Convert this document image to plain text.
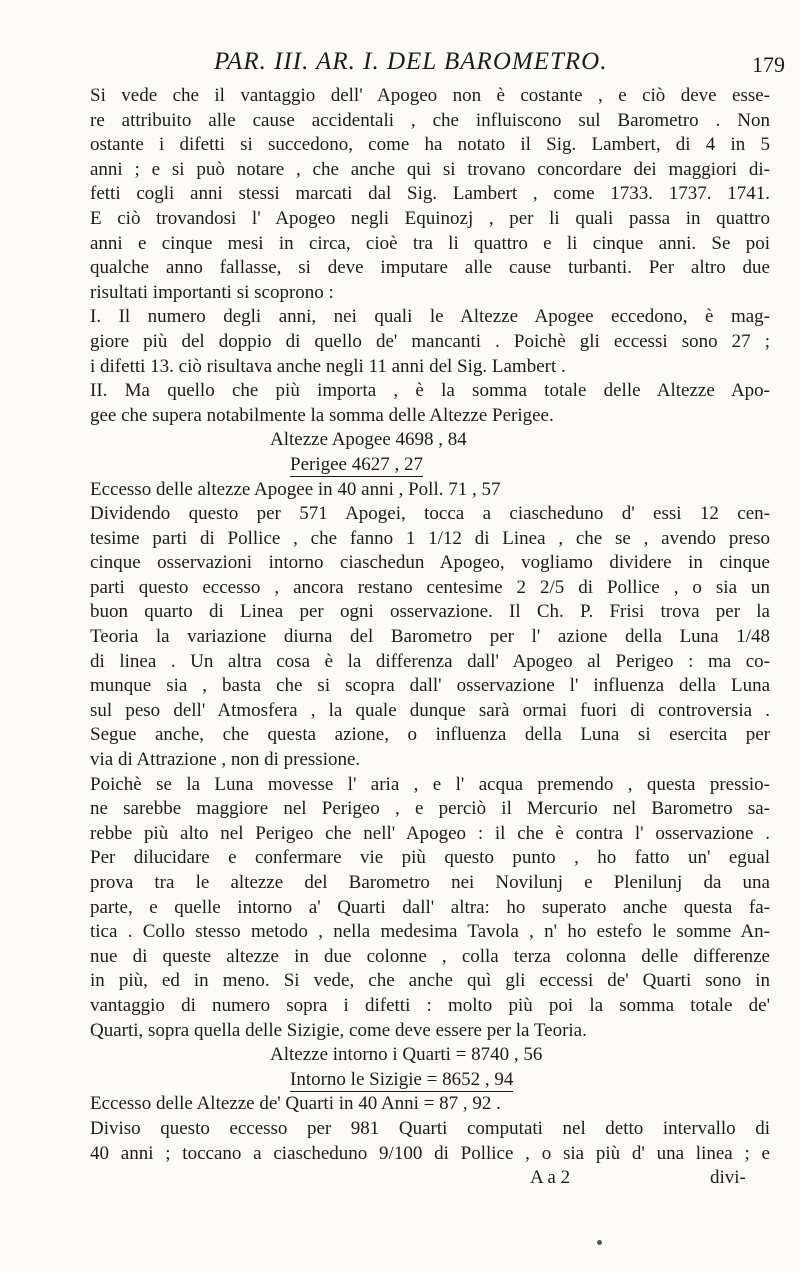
PAR. III. AR. I. DEL BAROMETRO.	179
Si vede che il vantaggio dell' Apogeo non è costante , e ciò deve esse-
re attribuito alle cause accidentali , che influiscono sul Barometro . Non
ostante i difetti si succedono, come ha notato il Sig. Lambert, di 4 in 5
anni ; e si può notare , che anche qui si trovano concordare dei maggiori di-
fetti cogli anni stessi marcati dal Sig. Lambert , come 1733. 1737. 1741.
E ciò trovandosi l' Apogeo negli Equinozj , per li quali passa in quattro
anni e cinque mesi in circa, cioè tra li quattro e li cinque anni. Se poi
qualche anno fallasse, si deve imputare alle cause turbanti. Per altro due
risultati importanti si scoprono :
I. Il numero degli anni, nei quali le Altezze Apogee eccedono, è mag-
giore più del doppio di quello de' mancanti . Poichè gli eccessi sono 27 ;
i difetti 13. ciò risultava anche negli 11 anni del Sig. Lambert .
II. Ma quello che più importa , è la somma totale delle Altezze Apo-
gee che supera notabilmente la somma delle Altezze Perigee.
Altezze Apogee 4698 , 84
Perigee 4627 , 27
Eccesso delle altezze Apogee in 40 anni , Poll. 71 , 57
Dividendo questo per 571 Apogei, tocca a ciascheduno d' essi 12 cen-
tesime parti di Pollice , che fanno 1 1/12 di Linea , che se , avendo preso
cinque osservazioni intorno ciaschedun Apogeo, vogliamo dividere in cinque
parti questo eccesso , ancora restano centesime 2 2/5 di Pollice , o sia un
buon quarto di Linea per ogni osservazione. Il Ch. P. Frisi trova per la
Teoria la variazione diurna del Barometro per l' azione della Luna 1/48
di linea . Un altra cosa è la differenza dall' Apogeo al Perigeo : ma co-
munque sia , basta che si scopra dall' osservazione l' influenza della Luna
sul peso dell' Atmosfera , la quale dunque sarà ormai fuori di controversia .
Segue anche, che questa azione, o influenza della Luna si esercita per
via di Attrazione , non di pressione.
Poichè se la Luna movesse l' aria , e l' acqua premendo , questa pressio-
ne sarebbe maggiore nel Perigeo , e perciò il Mercurio nel Barometro sa-
rebbe più alto nel Perigeo che nell' Apogeo : il che è contra l' osservazione .
Per dilucidare e confermare vie più questo punto , ho fatto un' egual
prova tra le altezze del Barometro nei Novilunj e Plenilunj da una
parte, e quelle intorno a' Quarti dall' altra: ho superato anche questa fa-
tica . Collo stesso metodo , nella medesima Tavola , n' ho estefo le somme An-
nue di queste altezze in due colonne , colla terza colonna delle differenze
in più, ed in meno. Si vede, che anche quì gli eccessi de' Quarti sono in
vantaggio di numero sopra i difetti : molto più poi la somma totale de'
Quarti, sopra quella delle Sizigie, come deve essere per la Teoria.
Altezze intorno i Quarti = 8740 , 56
Intorno le Sizigie = 8652 , 94
Eccesso delle Altezze de' Quarti in 40 Anni = 87 , 92 .
Diviso questo eccesso per 981 Quarti computati nel detto intervallo di
40 anni ; toccano a ciascheduno 9/100 di Pollice , o sia più d' una linea ; e
A a 2	divi-
